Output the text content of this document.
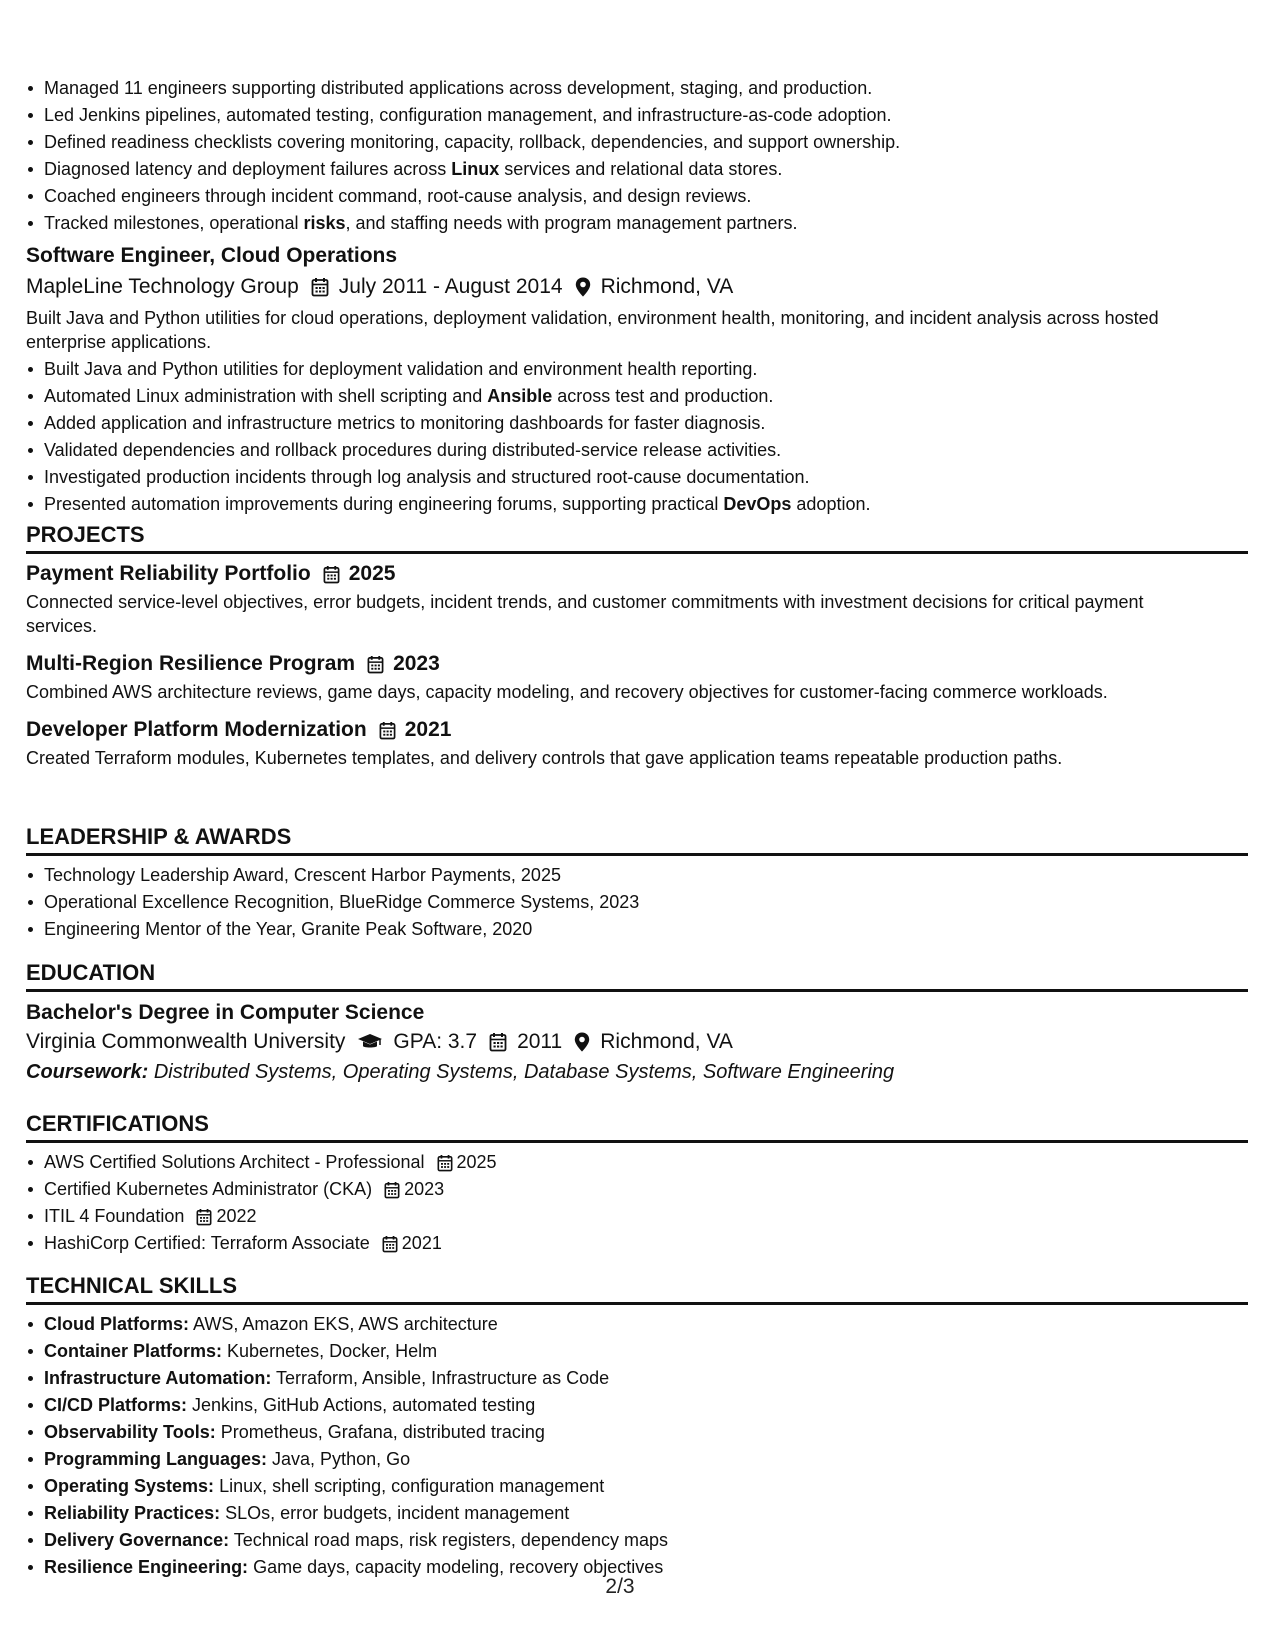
Managed 11 engineers supporting distributed applications across development, staging, and production.
Led Jenkins pipelines, automated testing, configuration management, and infrastructure-as-code adoption.
Defined readiness checklists covering monitoring, capacity, rollback, dependencies, and support ownership.
Diagnosed latency and deployment failures across Linux services and relational data stores.
Coached engineers through incident command, root-cause analysis, and design reviews.
Tracked milestones, operational risks, and staffing needs with program management partners.
Software Engineer, Cloud Operations
MapleLine Technology Group July 2011 - August 2014 Richmond, VA
Built Java and Python utilities for cloud operations, deployment validation, environment health, monitoring, and incident analysis across hosted enterprise applications.
Built Java and Python utilities for deployment validation and environment health reporting.
Automated Linux administration with shell scripting and Ansible across test and production.
Added application and infrastructure metrics to monitoring dashboards for faster diagnosis.
Validated dependencies and rollback procedures during distributed-service release activities.
Investigated production incidents through log analysis and structured root-cause documentation.
Presented automation improvements during engineering forums, supporting practical DevOps adoption.
PROJECTS
Payment Reliability Portfolio 2025
Connected service-level objectives, error budgets, incident trends, and customer commitments with investment decisions for critical payment services.
Multi-Region Resilience Program 2023
Combined AWS architecture reviews, game days, capacity modeling, and recovery objectives for customer-facing commerce workloads.
Developer Platform Modernization 2021
Created Terraform modules, Kubernetes templates, and delivery controls that gave application teams repeatable production paths.
LEADERSHIP & AWARDS
Technology Leadership Award, Crescent Harbor Payments, 2025
Operational Excellence Recognition, BlueRidge Commerce Systems, 2023
Engineering Mentor of the Year, Granite Peak Software, 2020
EDUCATION
Bachelor's Degree in Computer Science
Virginia Commonwealth University GPA: 3.7 2011 Richmond, VA
Coursework: Distributed Systems, Operating Systems, Database Systems, Software Engineering
CERTIFICATIONS
AWS Certified Solutions Architect - Professional 2025
Certified Kubernetes Administrator (CKA) 2023
ITIL 4 Foundation 2022
HashiCorp Certified: Terraform Associate 2021
TECHNICAL SKILLS
Cloud Platforms: AWS, Amazon EKS, AWS architecture
Container Platforms: Kubernetes, Docker, Helm
Infrastructure Automation: Terraform, Ansible, Infrastructure as Code
CI/CD Platforms: Jenkins, GitHub Actions, automated testing
Observability Tools: Prometheus, Grafana, distributed tracing
Programming Languages: Java, Python, Go
Operating Systems: Linux, shell scripting, configuration management
Reliability Practices: SLOs, error budgets, incident management
Delivery Governance: Technical road maps, risk registers, dependency maps
Resilience Engineering: Game days, capacity modeling, recovery objectives
2/3
